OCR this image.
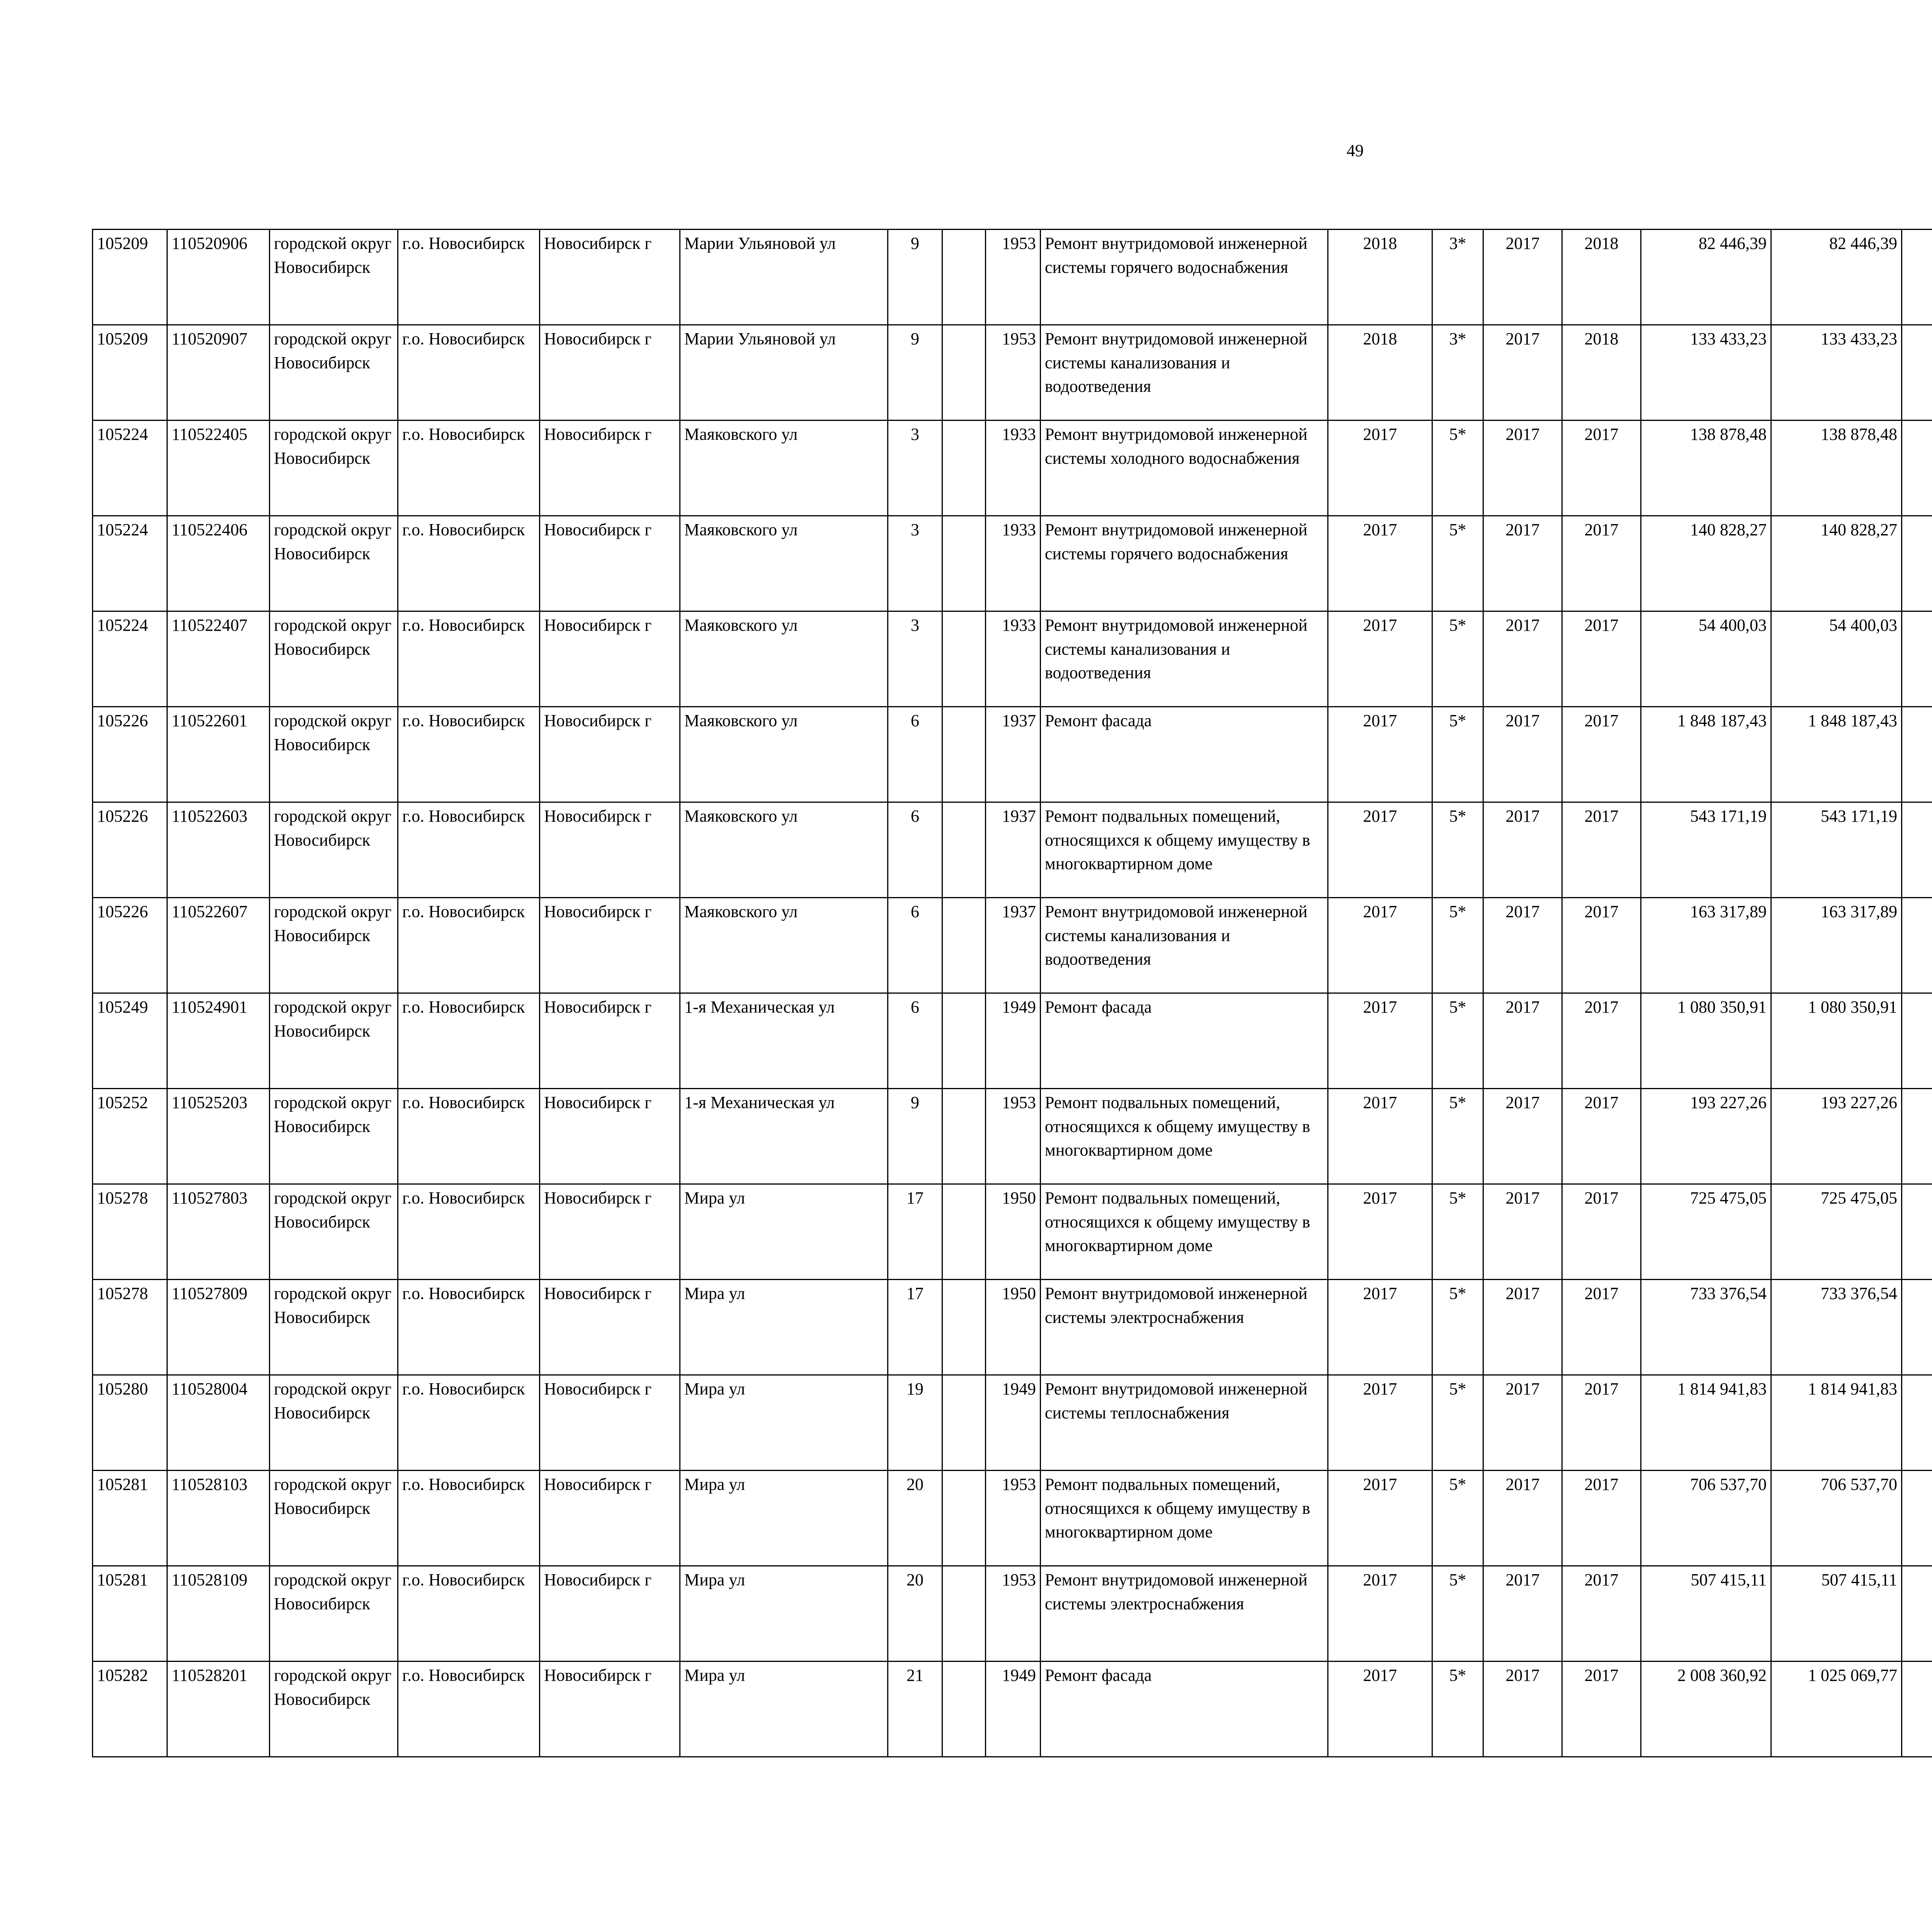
49
105209	110520906	городской округ Новосибирск	г.о. Новосибирск	Новосибирск г	Марии Ульяновой ул	9		1953	Ремонт внутридомовой инженерной системы горячего водоснабжения	2018	3*	2017	2018	82 446,39	82 446,39						
105209	110520907	городской округ Новосибирск	г.о. Новосибирск	Новосибирск г	Марии Ульяновой ул	9		1953	Ремонт внутридомовой инженерной системы канализования и водоотведения	2018	3*	2017	2018	133 433,23	133 433,23						
105224	110522405	городской округ Новосибирск	г.о. Новосибирск	Новосибирск г	Маяковского ул	3		1933	Ремонт внутридомовой инженерной системы холодного водоснабжения	2017	5*	2017	2017	138 878,48	138 878,48						
105224	110522406	городской округ Новосибирск	г.о. Новосибирск	Новосибирск г	Маяковского ул	3		1933	Ремонт внутридомовой инженерной системы горячего водоснабжения	2017	5*	2017	2017	140 828,27	140 828,27						
105224	110522407	городской округ Новосибирск	г.о. Новосибирск	Новосибирск г	Маяковского ул	3		1933	Ремонт внутридомовой инженерной системы канализования и водоотведения	2017	5*	2017	2017	54 400,03	54 400,03						
105226	110522601	городской округ Новосибирск	г.о. Новосибирск	Новосибирск г	Маяковского ул	6		1937	Ремонт фасада	2017	5*	2017	2017	1 848 187,43	1 848 187,43						
105226	110522603	городской округ Новосибирск	г.о. Новосибирск	Новосибирск г	Маяковского ул	6		1937	Ремонт подвальных помещений, относящихся к общему имуществу в многоквартирном доме	2017	5*	2017	2017	543 171,19	543 171,19						
105226	110522607	городской округ Новосибирск	г.о. Новосибирск	Новосибирск г	Маяковского ул	6		1937	Ремонт внутридомовой инженерной системы канализования и водоотведения	2017	5*	2017	2017	163 317,89	163 317,89						
105249	110524901	городской округ Новосибирск	г.о. Новосибирск	Новосибирск г	1-я Механическая ул	6		1949	Ремонт фасада	2017	5*	2017	2017	1 080 350,91	1 080 350,91						
105252	110525203	городской округ Новосибирск	г.о. Новосибирск	Новосибирск г	1-я Механическая ул	9		1953	Ремонт подвальных помещений, относящихся к общему имуществу в многоквартирном доме	2017	5*	2017	2017	193 227,26	193 227,26						
105278	110527803	городской округ Новосибирск	г.о. Новосибирск	Новосибирск г	Мира ул	17		1950	Ремонт подвальных помещений, относящихся к общему имуществу в многоквартирном доме	2017	5*	2017	2017	725 475,05	725 475,05						
105278	110527809	городской округ Новосибирск	г.о. Новосибирск	Новосибирск г	Мира ул	17		1950	Ремонт внутридомовой инженерной системы электроснабжения	2017	5*	2017	2017	733 376,54	733 376,54						
105280	110528004	городской округ Новосибирск	г.о. Новосибирск	Новосибирск г	Мира ул	19		1949	Ремонт внутридомовой инженерной системы теплоснабжения	2017	5*	2017	2017	1 814 941,83	1 814 941,83						
105281	110528103	городской округ Новосибирск	г.о. Новосибирск	Новосибирск г	Мира ул	20		1953	Ремонт подвальных помещений, относящихся к общему имуществу в многоквартирном доме	2017	5*	2017	2017	706 537,70	706 537,70						
105281	110528109	городской округ Новосибирск	г.о. Новосибирск	Новосибирск г	Мира ул	20		1953	Ремонт внутридомовой инженерной системы электроснабжения	2017	5*	2017	2017	507 415,11	507 415,11						
105282	110528201	городской округ Новосибирск	г.о. Новосибирск	Новосибирск г	Мира ул	21		1949	Ремонт фасада	2017	5*	2017	2017	2 008 360,92	1 025 069,77						
